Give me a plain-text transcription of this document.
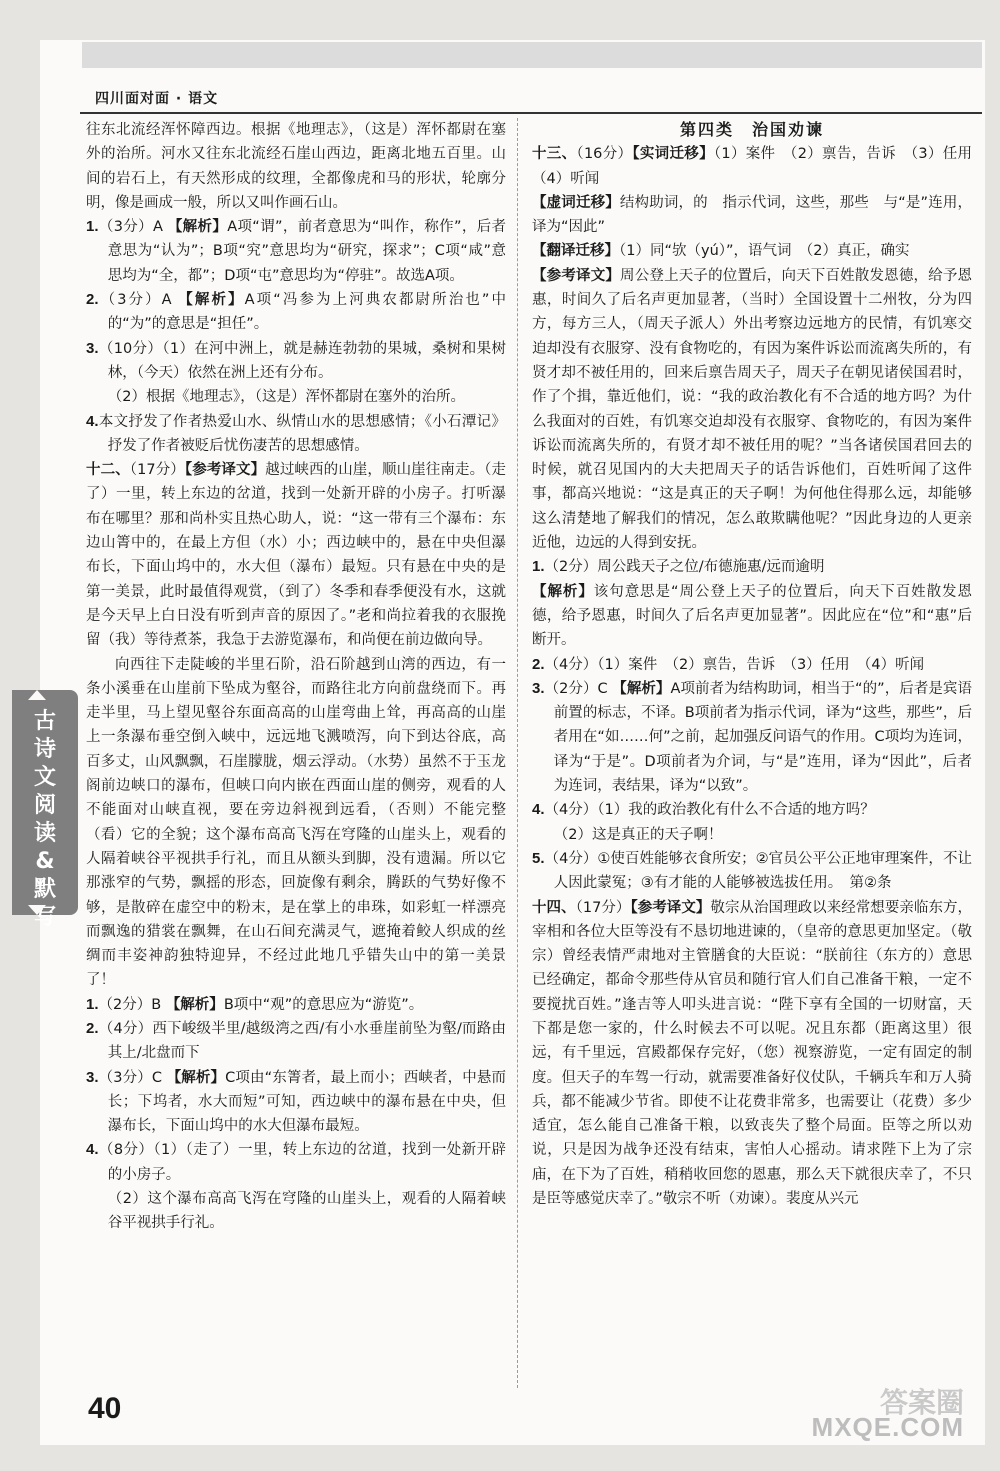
四川面对面 · 语文
古
诗
文
阅
读
&
默
写

往东北流经浑怀障西边。根据《地理志》，（这是）浑怀都尉在塞外的治所。河水又往东北流经石崖山西边，距离北地五百里。山间的岩石上，有天然形成的纹理，全都像虎和马的形状，轮廓分明，像是画成一般，所以又叫作画石山。

1.（3分）A 【解析】A项“谓”，前者意思为“叫作，称作”，后者意思为“认为”；B项“究”意思均为“研究，探求”；C项“咸”意思均为“全，都”；D项“屯”意思均为“停驻”。故选A项。

2.（3分）A 【解析】A项“冯参为上河典农都尉所治也”中的“为”的意思是“担任”。

3.（10分）（1）在河中洲上，就是赫连勃勃的果城，桑树和果树林，（今天）依然在洲上还有分布。

（2）根据《地理志》，（这是）浑怀都尉在塞外的治所。

4.本文抒发了作者热爱山水、纵情山水的思想感情；《小石潭记》抒发了作者被贬后忧伤凄苦的思想感情。

十二、（17分）【参考译文】越过峡西的山崖，顺山崖往南走。（走了）一里，转上东边的岔道，找到一处新开辟的小房子。打听瀑布在哪里？那和尚朴实且热心助人，说：“这一带有三个瀑布：东边山箐中的，在最上方但（水）小；西边峡中的，悬在中央但瀑布长，下面山坞中的，水大但（瀑布）最短。只有悬在中央的是第一美景，此时最值得观赏，（到了）冬季和春季便没有水，这就是今天早上白日没有听到声音的原因了。”老和尚拉着我的衣服挽留（我）等待煮茶，我急于去游览瀑布，和尚便在前边做向导。

向西往下走陡峻的半里石阶，沿石阶越到山湾的西边，有一条小溪垂在山崖前下坠成为壑谷，而路往北方向前盘绕而下。再走半里，马上望见壑谷东面高高的山崖弯曲上耸，再高高的山崖上一条瀑布垂空倒入峡中，远远地飞溅喷泻，向下到达谷底，高百多丈，山风飘飘，石崖朦胧，烟云浮动。（水势）虽然不于玉龙阁前边峡口的瀑布，但峡口向内嵌在西面山崖的侧旁，观看的人不能面对山峡直视，要在旁边斜视到远看，（否则）不能完整（看）它的全貌；这个瀑布高高飞泻在穹隆的山崖头上，观看的人隔着峡谷平视拱手行礼，而且从额头到脚，没有遗漏。所以它那涨窄的气势，飘摇的形态，回旋像有剩余，腾跃的气势好像不够，是散碎在虚空中的粉末，是在掌上的串珠，如彩虹一样漂亮而飘逸的猎裳在飘舞，在山石间充满灵气，遮掩着鲛人织成的丝绸而丰姿神韵独特迎异，不经过此地几乎错失山中的第一美景了！

1.（2分）B 【解析】B项中“观”的意思应为“游览”。

2.（4分）西下峻级半里/越级湾之西/有小水垂崖前坠为壑/而路由其上/北盘而下

3.（3分）C 【解析】C项由“东箐者，最上而小；西峡者，中悬而长；下坞者，水大而短”可知，西边峡中的瀑布悬在中央，但瀑布长，下面山坞中的水大但瀑布最短。

4.（8分）（1）（走了）一里，转上东边的岔道，找到一处新开辟的小房子。

（2）这个瀑布高高飞泻在穹隆的山崖头上，观看的人隔着峡谷平视拱手行礼。

第四类　治国劝谏

十三、（16分）【实词迁移】（1）案件　（2）禀告，告诉　（3）任用　（4）听闻

【虚词迁移】结构助词，的　指示代词，这些，那些　与“是”连用，译为“因此”

【翻译迁移】（1）同“欤（yú）”，语气词　（2）真正，确实

【参考译文】周公登上天子的位置后，向天下百姓散发恩德，给予恩惠，时间久了后名声更加显著，（当时）全国设置十二州牧，分为四方，每方三人，（周天子派人）外出考察边远地方的民情，有饥寒交迫却没有衣服穿、没有食物吃的，有因为案件诉讼而流离失所的，有贤才却不被任用的，回来后禀告周天子，周天子在朝见诸侯国君时，作了个揖，靠近他们，说：“我的政治教化有不合适的地方吗？为什么我面对的百姓，有饥寒交迫却没有衣服穿、食物吃的，有因为案件诉讼而流离失所的，有贤才却不被任用的呢？”当各诸侯国君回去的时候，就召见国内的大夫把周天子的话告诉他们，百姓听闻了这件事，都高兴地说：“这是真正的天子啊！为何他住得那么远，却能够这么清楚地了解我们的情况，怎么敢欺瞒他呢？”因此身边的人更亲近他，边远的人得到安抚。

1.（2分）周公践天子之位/布德施惠/远而逾明

【解析】该句意思是“周公登上天子的位置后，向天下百姓散发恩德，给予恩惠，时间久了后名声更加显著”。因此应在“位”和“惠”后断开。

2.（4分）（1）案件　（2）禀告，告诉　（3）任用　（4）听闻

3.（2分）C 【解析】A项前者为结构助词，相当于“的”，后者是宾语前置的标志，不译。B项前者为指示代词，译为“这些，那些”，后者用在“如……何”之前，起加强反问语气的作用。C项均为连词，译为“于是”。D项前者为介词，与“是”连用，译为“因此”，后者为连词，表结果，译为“以致”。

4.（4分）（1）我的政治教化有什么不合适的地方吗？

（2）这是真正的天子啊！

5.（4分）①使百姓能够衣食所安；②官员公平公正地审理案件，不让人因此蒙冤；③有才能的人能够被选拔任用。　第②条

十四、（17分）【参考译文】敬宗从治国理政以来经常想要亲临东方，宰相和各位大臣等没有不恳切地进谏的，（皇帝的意思更加坚定。（敬宗）曾经表情严肃地对主管膳食的大臣说：“朕前往（东方的）意思已经确定，都命令那些侍从官员和随行官人们自己准备干粮，一定不要搅扰百姓。”逢吉等人叩头进言说：“陛下享有全国的一切财富，天下都是您一家的，什么时候去不可以呢。况且东都（距离这里）很远，有千里远，宫殿都保存完好，（您）视察游览，一定有固定的制度。但天子的车驾一行动，就需要准备好仪仗队，千辆兵车和万人骑兵，都不能减少节省。即使不让花费非常多，也需要让（花费）多少适宜，怎么能自己准备干粮，以致丧失了整个局面。臣等之所以劝说，只是因为战争还没有结束，害怕人心摇动。请求陛下上为了宗庙，在下为了百姓，稍稍收回您的恩惠，那么天下就很庆幸了，不只是臣等感觉庆幸了。”敬宗不听（劝谏）。裴度从兴元

40	答案圈
MXQE.COM
